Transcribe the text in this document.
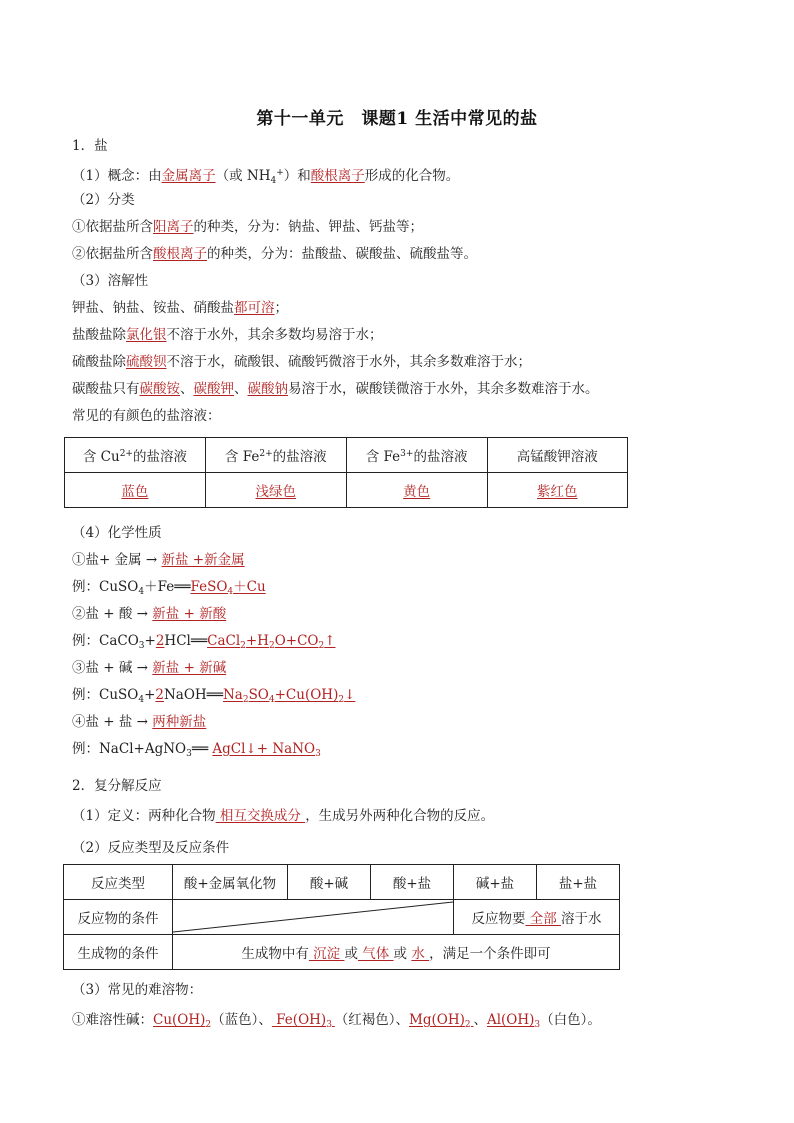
第十一单元　课题1 生活中常见的盐
1．盐
（1）概念：由金属离子（或 $NH_4^+$）和酸根离子形成的化合物。
（2）分类
①依据盐所含阳离子的种类，分为：钠盐、钾盐、钙盐等；
②依据盐所含酸根离子的种类，分为：盐酸盐、碳酸盐、硫酸盐等。
（3）溶解性
钾盐、钠盐、铵盐、硝酸盐都可溶；
盐酸盐除氯化银不溶于水外，其余多数均易溶于水；
硫酸盐除硫酸钡不溶于水，硫酸银、硫酸钙微溶于水外，其余多数难溶于水；
碳酸盐只有碳酸铵、碳酸钾、碳酸钠易溶于水，碳酸镁微溶于水外，其余多数难溶于水。
常见的有颜色的盐溶液：
含 $Cu^{2+}$的盐溶液	含 $Fe^{2+}$的盐溶液	含 $Fe^{3+}$的盐溶液	高锰酸钾溶液
蓝色	浅绿色	黄色	紫红色
（4）化学性质
①盐+ 金属 → 新盐 +新金属
例：CuSO$_4$＋Fe══FeSO$_4$＋Cu
②盐 + 酸 → 新盐 + 新酸
例：$CaCO_3+2HCl══CaCl_2+H_2O+CO_2↑$
③盐 + 碱 → 新盐 + 新碱
例：$CuSO_4+2NaOH══Na_2SO_4+Cu(OH)_2↓$
④盐 + 盐 → 两种新盐
例：NaCl+AgNO$_3$══ AgCl↓+ NaNO$_3$
2．复分解反应
（1）定义：两种化合物 相互交换成分 ，生成另外两种化合物的反应。
（2）反应类型及反应条件
反应类型	酸+金属氧化物	酸+碱	酸+盐	碱+盐	盐+盐
反应物的条件				反应物要 全部 溶于水	
生成物的条件	生成物中有 沉淀 或 气体 或 水 ，满足一个条件即可				
（3）常见的难溶物：
①难溶性碱：$Cu(OH)_2$（蓝色）、 $Fe(OH)_3$ （红褐色）、$Mg(OH)_2$ 、$Al(OH)_3$（白色）。
